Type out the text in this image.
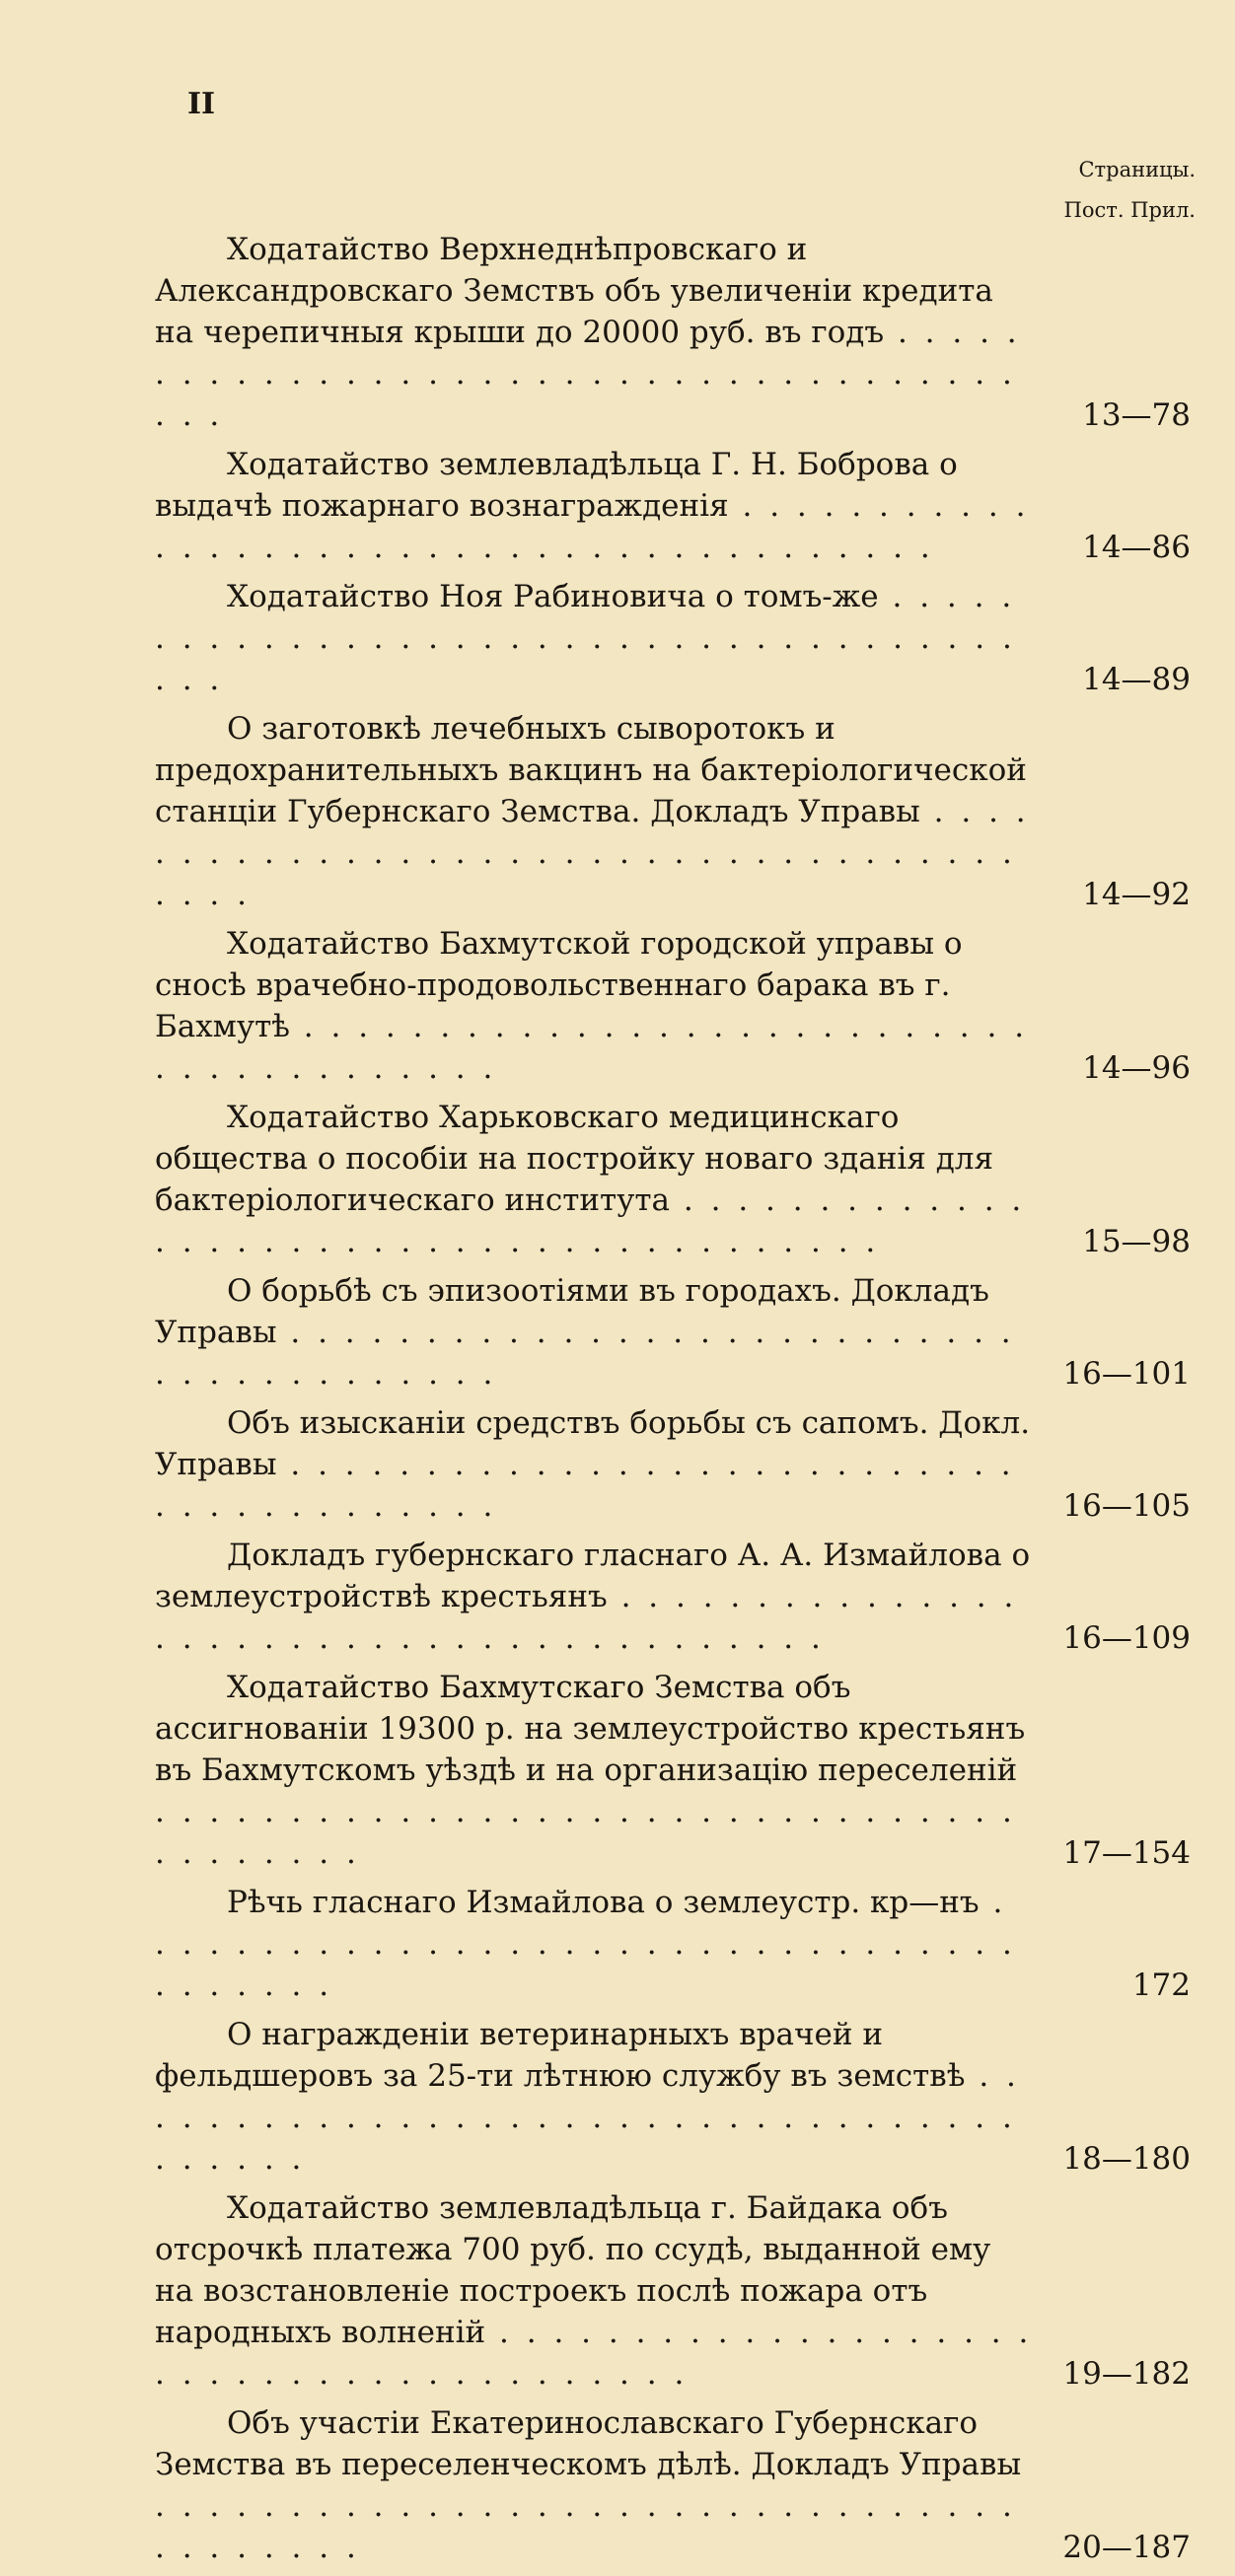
II
Страницы.
Пост. Прил.
Ходатайство Верхнеднѣпровскаго и Александровскаго Земствъ объ увеличеніи кредита на черепичныя крыши до 20000 руб. въ годъ . . .
13—78
Ходатайство землевладѣльца Г. Н. Боброва о выдачѣ пожарнаго вознагражденія . . .
14—86
Ходатайство Ноя Рабиновича о томъ-же . . .
14—89
О заготовкѣ лечебныхъ сыворотокъ и предохранительныхъ вакцинъ на бактеріологической станціи Губернскаго Земства. Докладъ Управы . . .
14—92
Ходатайство Бахмутской городской управы о сносѣ врачебно-продовольственнаго барака въ г. Бахмутѣ . . .
14—96
Ходатайство Харьковскаго медицинскаго общества о пособіи на постройку новаго зданія для бактеріологическаго института . . .
15—98
О борьбѣ съ эпизоотіями въ городахъ. Докладъ Управы . . .
16—101
Объ изысканіи средствъ борьбы съ сапомъ. Докл. Управы . . .
16—105
Докладъ губернскаго гласнаго А. А. Измайлова о землеустройствѣ крестьянъ . . .
16—109
Ходатайство Бахмутскаго Земства объ ассигнованіи 19300 р. на землеустройство крестьянъ въ Бахмутскомъ уѣздѣ и на организацію переселеній . . .
17—154
Рѣчь гласнаго Измайлова о землеустр. кр—нъ . . .
172
О награжденіи ветеринарныхъ врачей и фельдшеровъ за 25-ти лѣтнюю службу въ земствѣ . . .
18—180
Ходатайство землевладѣльца г. Байдака объ отсрочкѣ платежа 700 руб. по ссудѣ, выданной ему на возстановленіе построекъ послѣ пожара отъ народныхъ волненій . . .
19—182
Объ участіи Екатеринославскаго Губернскаго Земства въ переселенческомъ дѣлѣ. Докладъ Управы . . .
20—187
